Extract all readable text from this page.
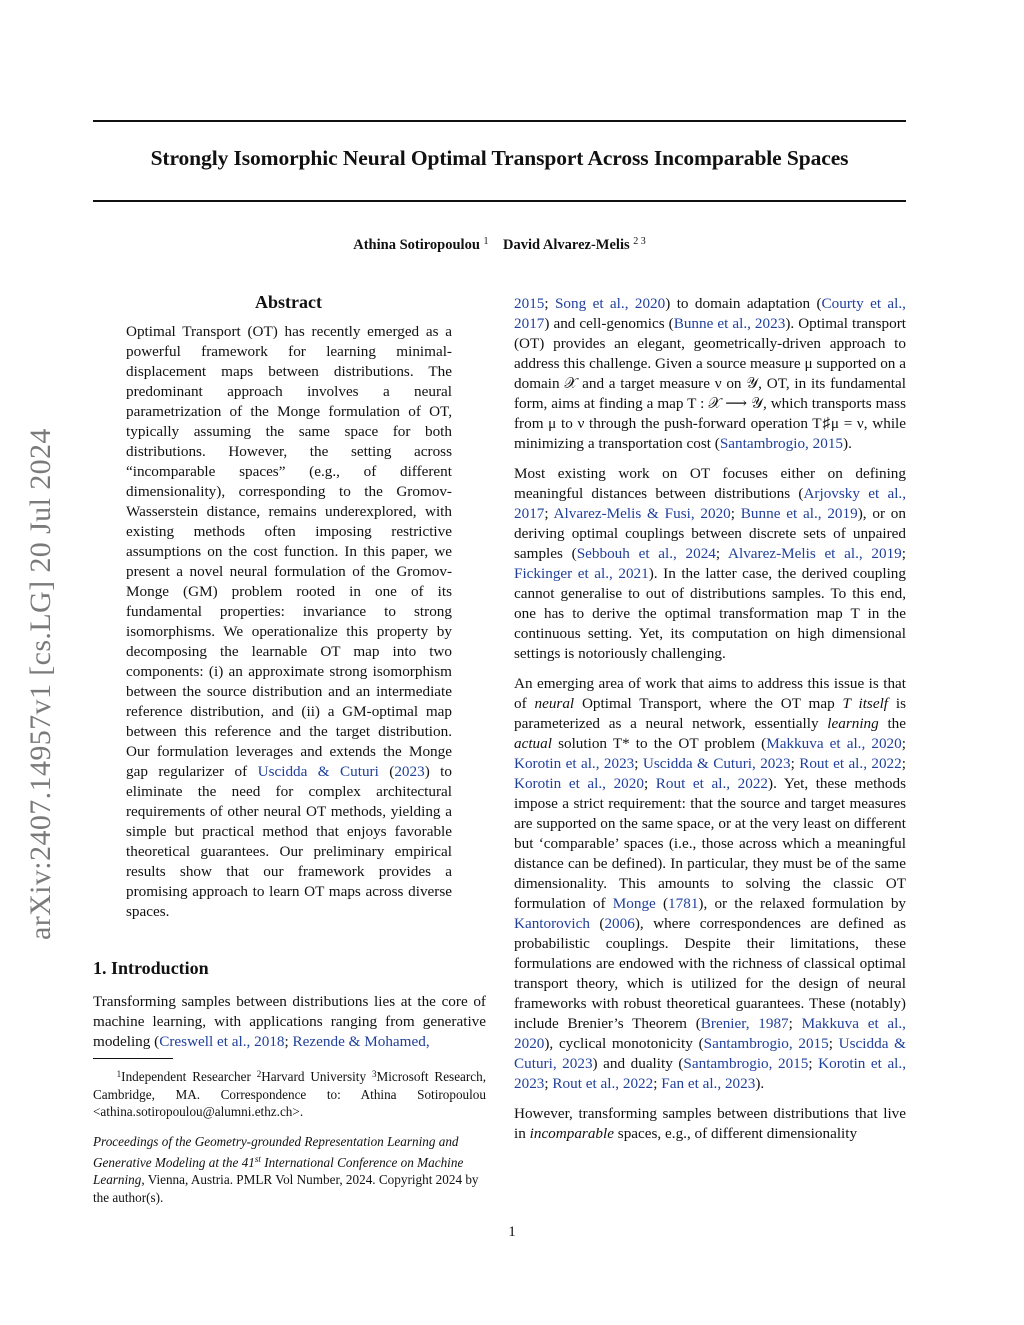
Strongly Isomorphic Neural Optimal Transport Across Incomparable Spaces
Athina Sotiropoulou $^1$ David Alvarez-Melis $^{2 3}$
arXiv:2407.14957v1 [cs.LG] 20 Jul 2024
Abstract

Optimal Transport (OT) has recently emerged as a powerful framework for learning minimal-displacement maps between distributions. The predominant approach involves a neural parametrization of the Monge formulation of OT, typically assuming the same space for both distributions. However, the setting across “incomparable spaces” (e.g., of different dimensionality), corresponding to the Gromov-Wasserstein distance, remains underexplored, with existing methods often imposing restrictive assumptions on the cost function. In this paper, we present a novel neural formulation of the Gromov-Monge (GM) problem rooted in one of its fundamental properties: invariance to strong isomorphisms. We operationalize this property by decomposing the learnable OT map into two components: (i) an approximate strong isomorphism between the source distribution and an intermediate reference distribution, and (ii) a GM-optimal map between this reference and the target distribution. Our formulation leverages and extends the Monge gap regularizer of Uscidda & Cuturi (2023) to eliminate the need for complex architectural requirements of other neural OT methods, yielding a simple but practical method that enjoys favorable theoretical guarantees. Our preliminary empirical results show that our framework provides a promising approach to learn OT maps across diverse spaces.

1. Introduction

Transforming samples between distributions lies at the core of machine learning, with applications ranging from generative modeling (Creswell et al., 2018; Rezende & Mohamed,

$^1$Independent Researcher $^2$Harvard University $^3$Microsoft Research, Cambridge, MA. Correspondence to: Athina Sotiropoulou <athina.sotiropoulou@alumni.ethz.ch>.
Proceedings of the Geometry-grounded Representation Learning and Generative Modeling at the 41st International Conference on Machine Learning, Vienna, Austria. PMLR Vol Number, 2024. Copyright 2024 by the author(s).

2015; Song et al., 2020) to domain adaptation (Courty et al., 2017) and cell-genomics (Bunne et al., 2023). Optimal transport (OT) provides an elegant, geometrically-driven approach to address this challenge. Given a source measure μ supported on a domain 𝒳 and a target measure ν on 𝒴, OT, in its fundamental form, aims at finding a map T : 𝒳 ⟶ 𝒴, which transports mass from μ to ν through the push-forward operation T♯μ = ν, while minimizing a transportation cost (Santambrogio, 2015).

Most existing work on OT focuses either on defining meaningful distances between distributions (Arjovsky et al., 2017; Alvarez-Melis & Fusi, 2020; Bunne et al., 2019), or on deriving optimal couplings between discrete sets of unpaired samples (Sebbouh et al., 2024; Alvarez-Melis et al., 2019; Fickinger et al., 2021). In the latter case, the derived coupling cannot generalise to out of distributions samples. To this end, one has to derive the optimal transformation map T in the continuous setting. Yet, its computation on high dimensional settings is notoriously challenging.

An emerging area of work that aims to address this issue is that of neural Optimal Transport, where the OT map T itself is parameterized as a neural network, essentially learning the actual solution T* to the OT problem (Makkuva et al., 2020; Korotin et al., 2023; Uscidda & Cuturi, 2023; Rout et al., 2022; Korotin et al., 2020; Rout et al., 2022). Yet, these methods impose a strict requirement: that the source and target measures are supported on the same space, or at the very least on different but ‘comparable’ spaces (i.e., those across which a meaningful distance can be defined). In particular, they must be of the same dimensionality. This amounts to solving the classic OT formulation of Monge (1781), or the relaxed formulation by Kantorovich (2006), where correspondences are defined as probabilistic couplings. Despite their limitations, these formulations are endowed with the richness of classical optimal transport theory, which is utilized for the design of neural frameworks with robust theoretical guarantees. These (notably) include Brenier’s Theorem (Brenier, 1987; Makkuva et al., 2020), cyclical monotonicity (Santambrogio, 2015; Uscidda & Cuturi, 2023) and duality (Santambrogio, 2015; Korotin et al., 2023; Rout et al., 2022; Fan et al., 2023).

However, transforming samples between distributions that live in incomparable spaces, e.g., of different dimensionality

1
